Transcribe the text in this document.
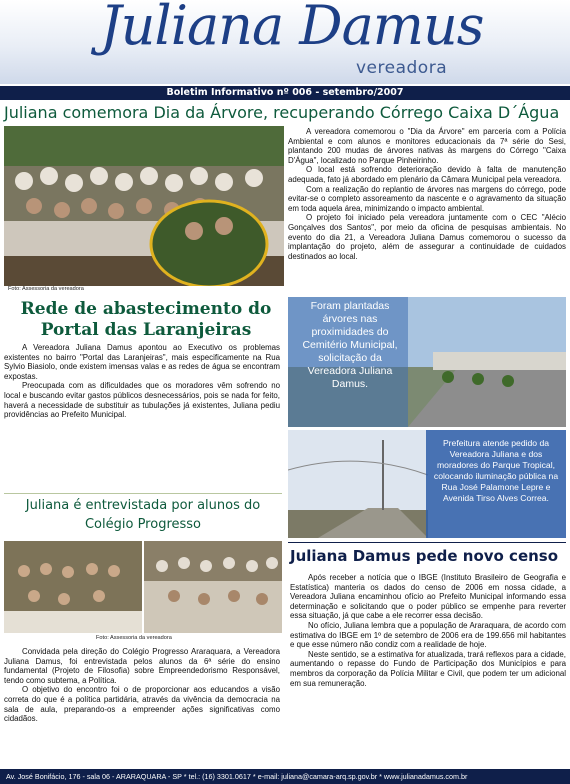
Juliana Damus
vereadora
Boletim Informativo nº 006 - setembro/2007
Juliana comemora Dia da Árvore, recuperando Córrego Caixa D´Água
Foto: Assessoria da vereadora

A vereadora comemorou o "Dia da Árvore" em parceria com a Polícia Ambiental e com alunos e monitores educacionais da 7ª série do Sesi, plantando 200 mudas de árvores nativas às margens do Córrego "Caixa D'Água", localizado no Parque Pinheirinho.

O local está sofrendo deterioração devido à falta de manutenção adequada, fato já abordado em plenário da Câmara Municipal pela vereadora.

Com a realização do replantio de árvores nas margens do córrego, pode evitar-se o completo assoreamento da nascente e o agravamento da situação em toda aquela área, minimizando o impacto ambiental.

O projeto foi iniciado pela vereadora juntamente com o CEC "Alécio Gonçalves dos Santos", por meio da oficina de pesquisas ambientais. No evento do dia 21, a Vereadora Juliana Damus comemorou o sucesso da implantação do projeto, além de assegurar a continuidade de cuidados destinados ao local.

Rede de abastecimento do Portal das Laranjeiras

A Vereadora Juliana Damus apontou ao Executivo os problemas existentes no bairro "Portal das Laranjeiras", mais especificamente na Rua Sylvio Biasiolo, onde existem imensas valas e as redes de água se encontram expostas.

Preocupada com as dificuldades que os moradores vêm sofrendo no local e buscando evitar gastos públicos desnecessários, pois se nada for feito, haverá a necessidade de substituir as tubulações já existentes, Juliana pediu providências ao Prefeito Municipal.

Foram plantadas árvores nas proximidades do Cemitério Municipal, solicitação da Vereadora Juliana Damus.
Prefeitura atende pedido da Vereadora Juliana e dos moradores do Parque Tropical, colocando iluminação pública na Rua José Palamone Lepre e Avenida Tirso Alves Correa.
Juliana é entrevistada por alunos do Colégio Progresso
Foto: Assessoria da vereadora

Convidada pela direção do Colégio Progresso Araraquara, a Vereadora Juliana Damus, foi entrevistada pelos alunos da 6ª série do ensino fundamental (Projeto de Filosofia) sobre Empreendedorismo Responsável, tendo como subtema, a Política.

O objetivo do encontro foi o de proporcionar aos educandos a visão correta do que é a política partidária, através da vivência da democracia na sala de aula, preparando-os a empreender ações significativas como cidadãos.

Juliana Damus pede novo censo

Após receber a notícia que o IBGE (Instituto Brasileiro de Geografia e Estatística) manteria os dados do censo de 2006 em nossa cidade, a Vereadora Juliana encaminhou ofício ao Prefeito Municipal informando essa determinação e solicitando que o poder público se empenhe para reverter essa situação, já que cabe a ele recorrer essa decisão.

No ofício, Juliana lembra que a população de Araraquara, de acordo com estimativa do IBGE em 1º de setembro de 2006 era de 199.656 mil habitantes e que esse número não condiz com a realidade de hoje.

Neste sentido, se a estimativa for atualizada, trará reflexos para a cidade, aumentando o repasse do Fundo de Participação dos Municípios e para membros da corporação da Polícia Militar e Civil, que podem ter um adicional em sua remuneração.

Av. José Bonifácio, 176 - sala 06 - ARARAQUARA - SP * tel.: (16) 3301.0617 * e-mail: juliana@camara-arq.sp.gov.br * www.julianadamus.com.br
